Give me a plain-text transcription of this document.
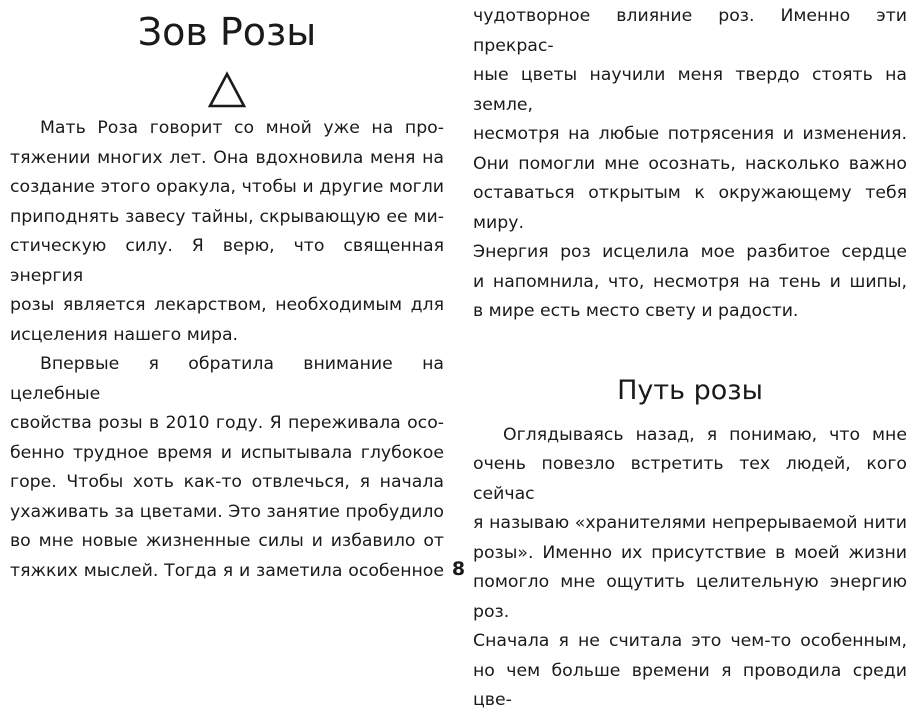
Зов Розы
Мать Роза говорит со мной уже на про-
тяжении многих лет. Она вдохновила меня на
создание этого оракула, чтобы и другие могли
приподнять завесу тайны, скрывающую ее ми-
стическую силу. Я верю, что священная энергия
розы является лекарством, необходимым для
исцеления нашего мира.
Впервые я обратила внимание на целебные
свойства розы в 2010 году. Я переживала осо-
бенно трудное время и испытывала глубокое
горе. Чтобы хоть как-то отвлечься, я начала
ухаживать за цветами. Это занятие пробудило
во мне новые жизненные силы и избавило от
тяжких мыслей. Тогда я и заметила особенное
чудотворное влияние роз. Именно эти прекрас-
ные цветы научили меня твердо стоять на земле,
несмотря на любые потрясения и изменения.
Они помогли мне осознать, насколько важно
оставаться открытым к окружающему тебя миру.
Энергия роз исцелила мое разбитое сердце
и напомнила, что, несмотря на тень и шипы,
в мире есть место свету и радости.
Путь розы
Оглядываясь назад, я понимаю, что мне
очень повезло встретить тех людей, кого сейчас
я называю «хранителями непрерываемой нити
розы». Именно их присутствие в моей жизни
помогло мне ощутить целительную энергию роз.
Сначала я не считала это чем-то особенным,
но чем больше времени я проводила среди цве-
8
